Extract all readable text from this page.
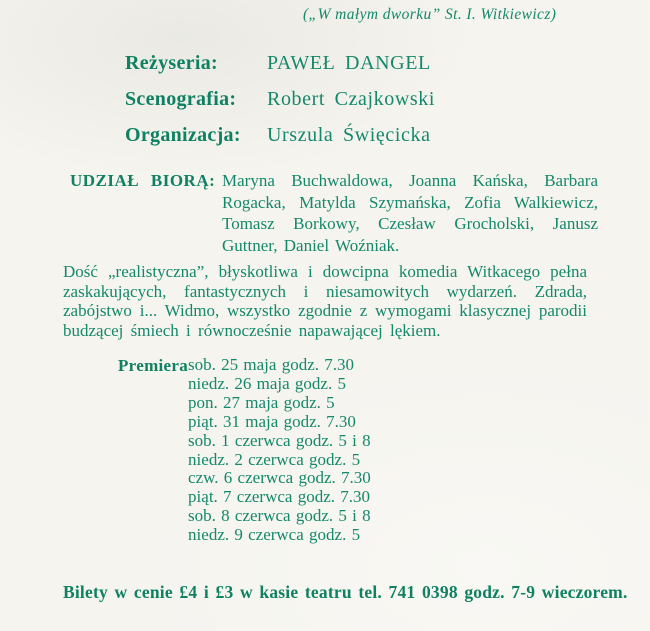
(„W małym dworku” St. I. Witkiewicz)
Reżyseria:	PAWEŁ DANGEL
Scenografia:	Robert Czajkowski
Organizacja:	Urszula Święcicka
UDZIAŁ BIORĄ: Maryna Buchwaldowa, Joanna Kańska, Barbara Rogacka, Matylda Szymańska, Zofia Walkiewicz, Tomasz Borkowy, Czesław Grocholski, Janusz Guttner, Daniel Woźniak.
Dość „realistyczna”, błyskotliwa i dowcipna komedia Witkacego pełna zaskakujących, fantastycznych i niesamowitych wydarzeń. Zdrada, zabójstwo i... Widmo, wszystko zgodnie z wymogami klasycznej parodii budzącej śmiech i równocześnie napawającej lękiem.
Premiera sob. 25 maja godz. 7.30
niedz. 26 maja godz. 5
pon. 27 maja godz. 5
piąt. 31 maja godz. 7.30
sob. 1 czerwca godz. 5 i 8
niedz. 2 czerwca godz. 5
czw. 6 czerwca godz. 7.30
piąt. 7 czerwca godz. 7.30
sob. 8 czerwca godz. 5 i 8
niedz. 9 czerwca godz. 5
Bilety w cenie £4 i £3 w kasie teatru tel. 741 0398 godz. 7-9 wieczorem.
